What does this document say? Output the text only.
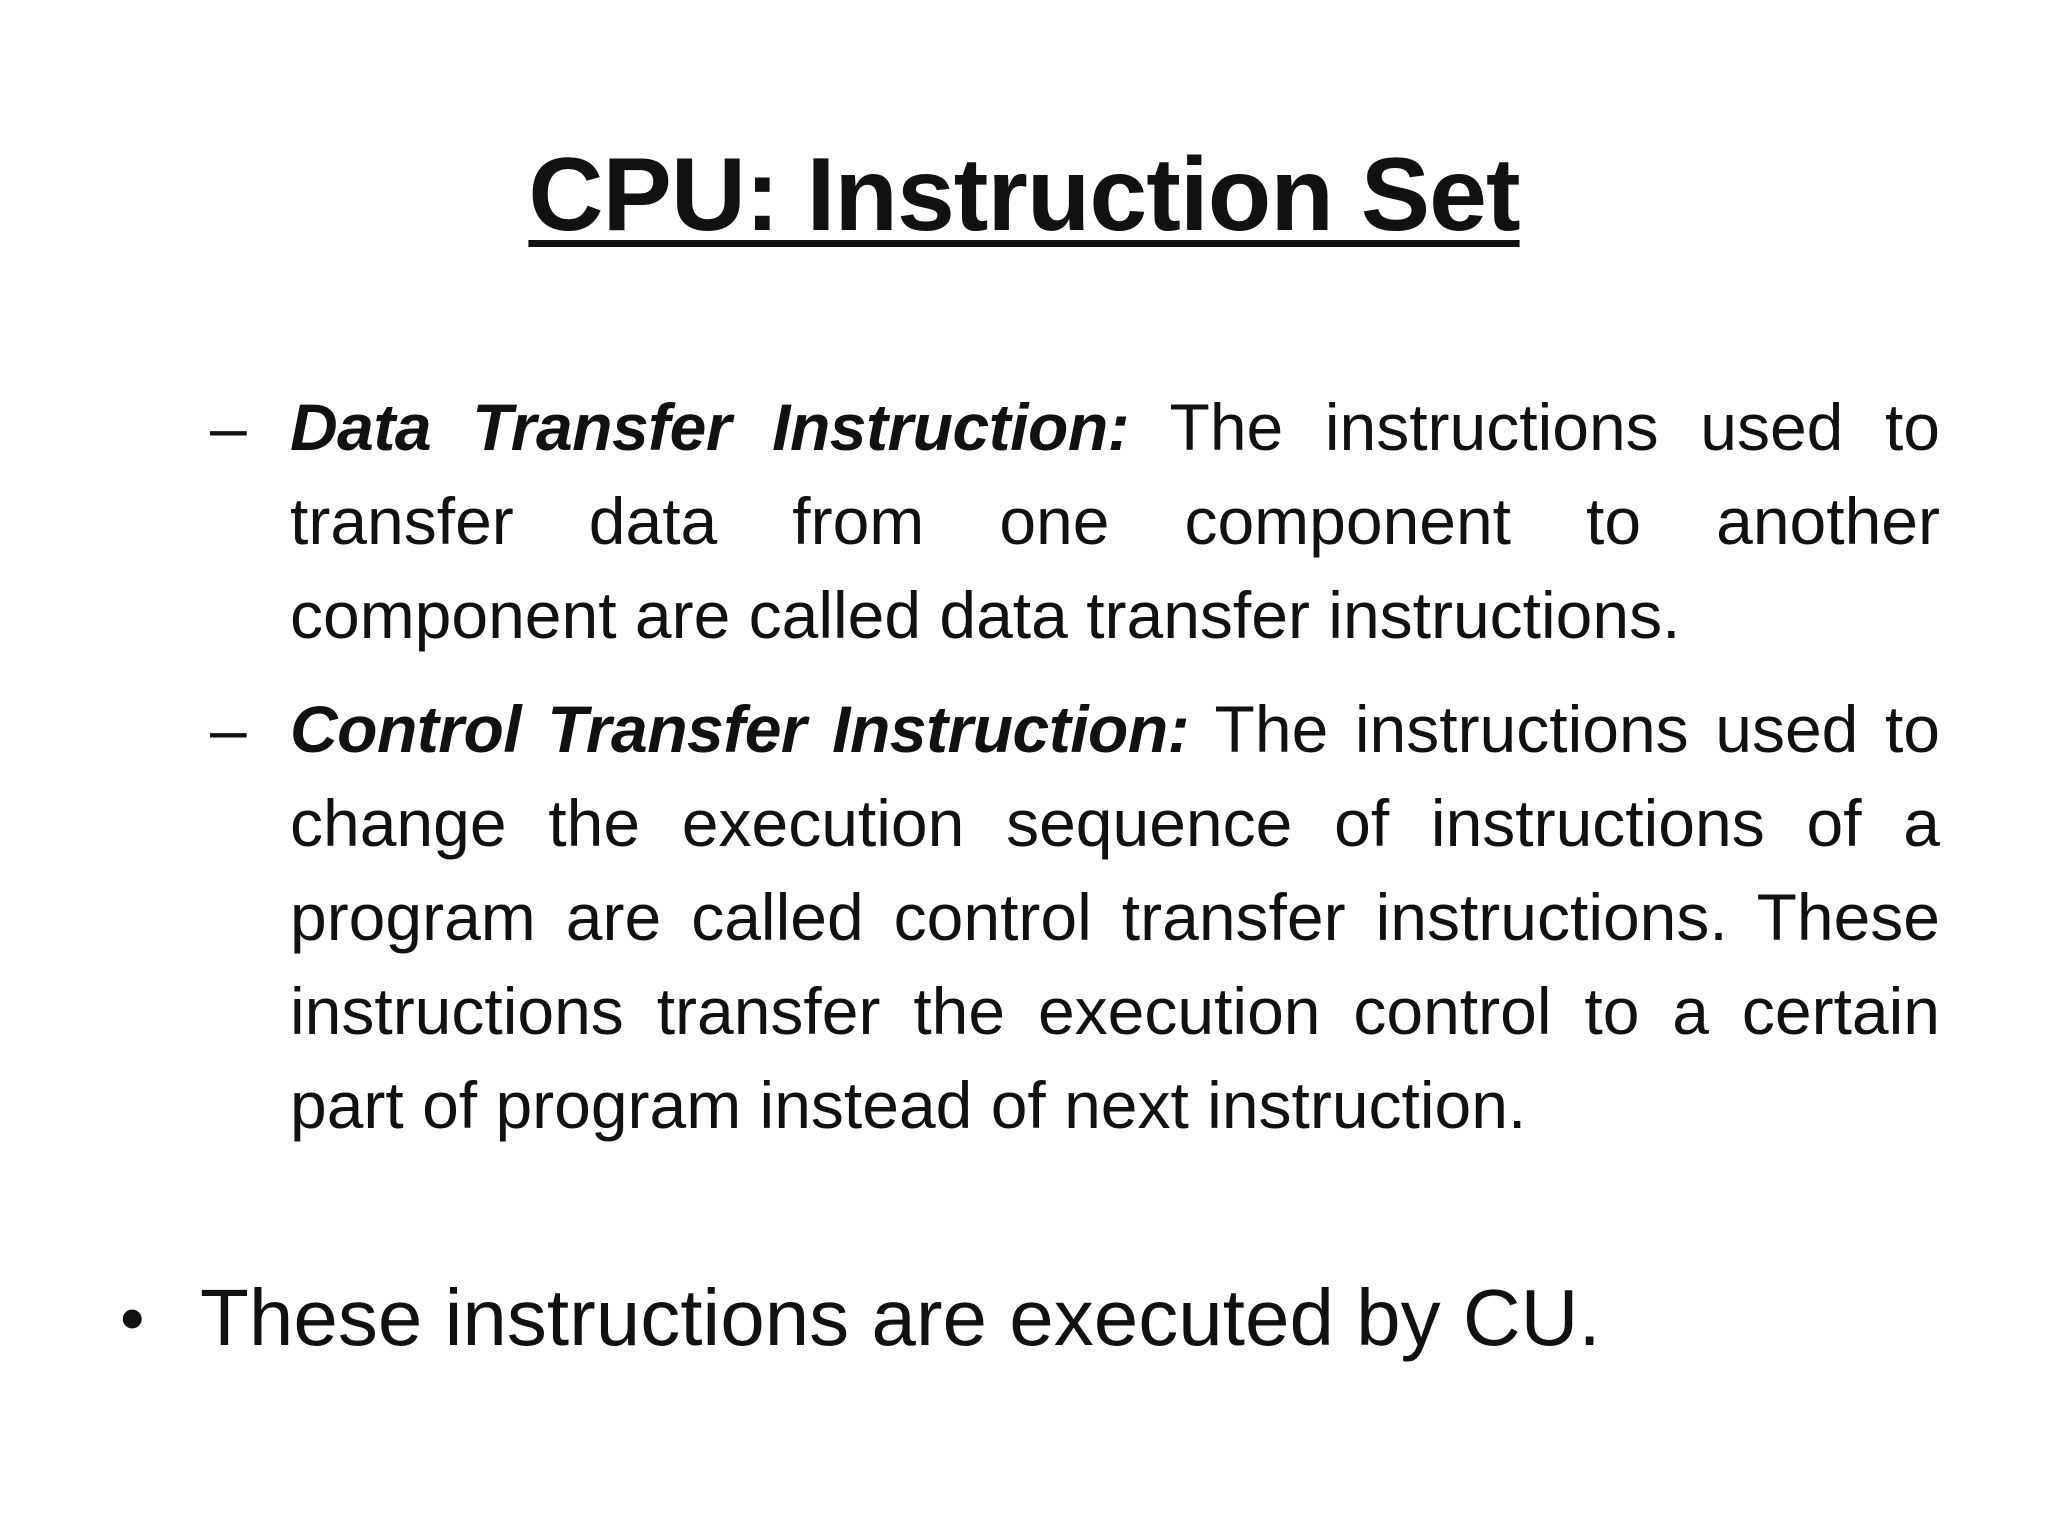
CPU: Instruction Set
– Data Transfer Instruction: The instructions used to transfer data from one component to another component are called data transfer instructions.
– Control Transfer Instruction: The instructions used to change the execution sequence of instructions of a program are called control transfer instructions. These instructions transfer the execution control to a certain part of program instead of next instruction.
• These instructions are executed by CU.
